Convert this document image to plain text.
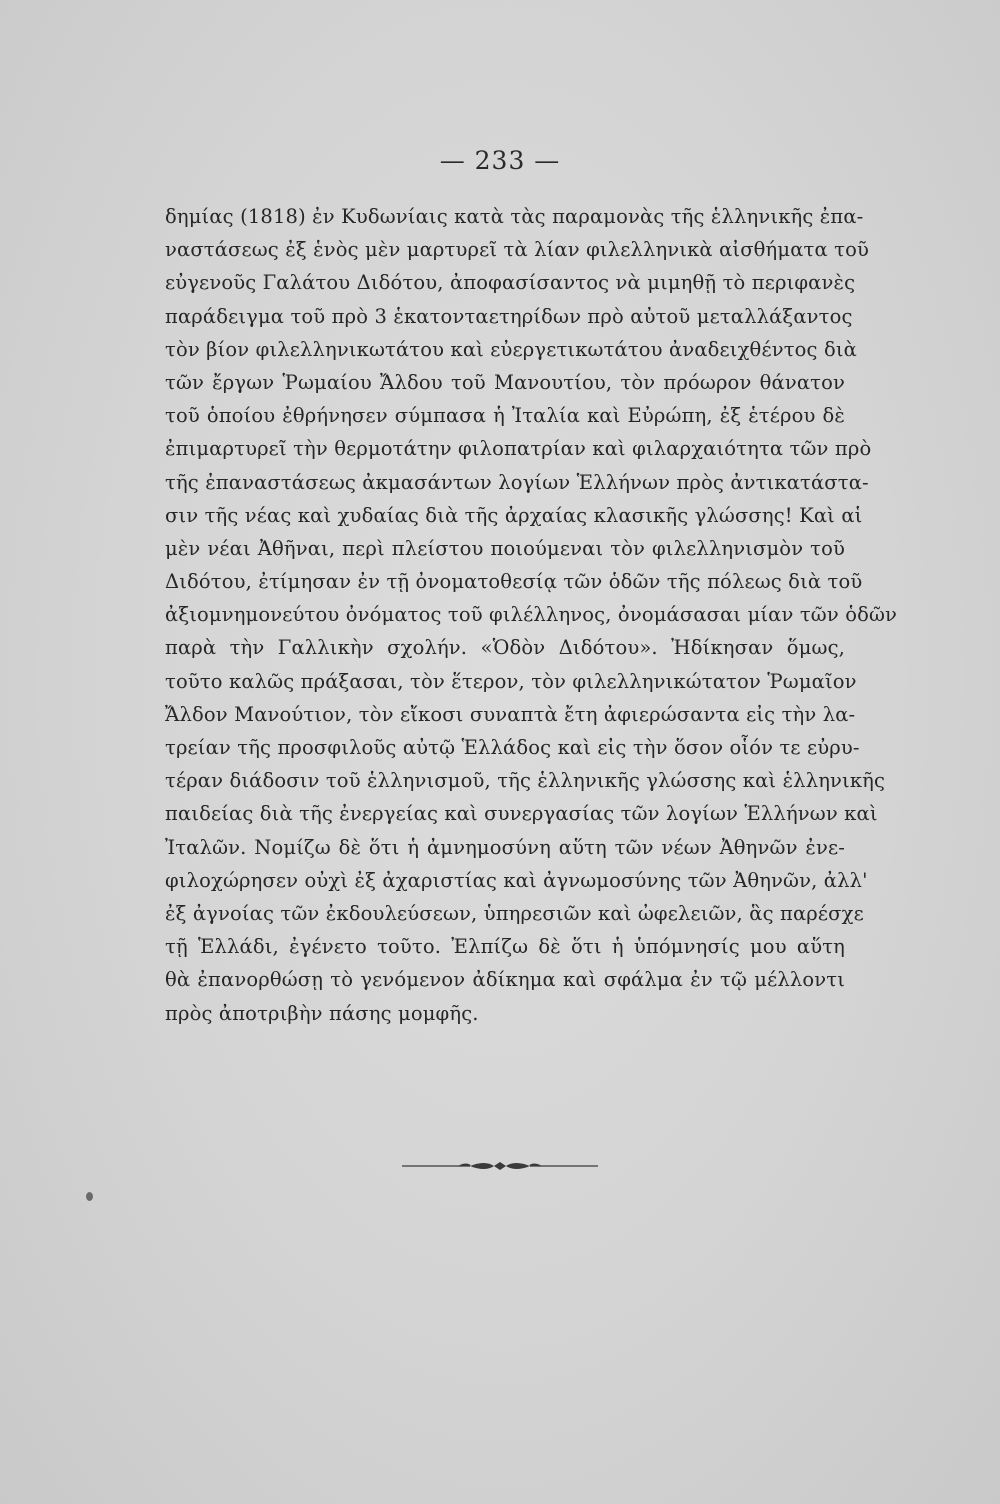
— 233 —
δημίας (1818) ἐν Κυδωνίαις κατὰ τὰς παραμονὰς τῆς ἑλληνικῆς ἐπα-
ναστάσεως ἐξ ἑνὸς μὲν μαρτυρεῖ τὰ λίαν φιλελληνικὰ αἰσθήματα τοῦ
εὐγενοῦς Γαλάτου Διδότου, ἀποφασίσαντος νὰ μιμηθῇ τὸ περιφανὲς
παράδειγμα τοῦ πρὸ 3 ἑκατονταετηρίδων πρὸ αὐτοῦ μεταλλάξαντος
τὸν βίον φιλελληνικωτάτου καὶ εὐεργετικωτάτου ἀναδειχθέντος διὰ
τῶν ἔργων Ῥωμαίου Ἄλδου τοῦ Μανουτίου, τὸν πρόωρον θάνατον
τοῦ ὁποίου ἐθρήνησεν σύμπασα ἡ Ἰταλία καὶ Εὐρώπη, ἐξ ἑτέρου δὲ
ἐπιμαρτυρεῖ τὴν θερμοτάτην φιλοπατρίαν καὶ φιλαρχαιότητα τῶν πρὸ
τῆς ἐπαναστάσεως ἀκμασάντων λογίων Ἑλλήνων πρὸς ἀντικατάστα-
σιν τῆς νέας καὶ χυδαίας διὰ τῆς ἀρχαίας κλασικῆς γλώσσης! Καὶ αἱ
μὲν νέαι Ἀθῆναι, περὶ πλείστου ποιούμεναι τὸν φιλελληνισμὸν τοῦ
Διδότου, ἐτίμησαν ἐν τῇ ὀνοματοθεσίᾳ τῶν ὁδῶν τῆς πόλεως διὰ τοῦ
ἀξιομνημονεύτου ὀνόματος τοῦ φιλέλληνος, ὀνομάσασαι μίαν τῶν ὁδῶν
παρὰ τὴν Γαλλικὴν σχολήν. «Ὁδὸν Διδότου». Ἠδίκησαν ὅμως,
τοῦτο καλῶς πράξασαι, τὸν ἕτερον, τὸν φιλελληνικώτατον Ῥωμαῖον
Ἄλδον Μανούτιον, τὸν εἴκοσι συναπτὰ ἔτη ἀφιερώσαντα εἰς τὴν λα-
τρείαν τῆς προσφιλοῦς αὐτῷ Ἑλλάδος καὶ εἰς τὴν ὅσον οἷόν τε εὐρυ-
τέραν διάδοσιν τοῦ ἑλληνισμοῦ, τῆς ἑλληνικῆς γλώσσης καὶ ἑλληνικῆς
παιδείας διὰ τῆς ἐνεργείας καὶ συνεργασίας τῶν λογίων Ἑλλήνων καὶ
Ἰταλῶν. Νομίζω δὲ ὅτι ἡ ἀμνημοσύνη αὕτη τῶν νέων Ἀθηνῶν ἐνε-
φιλοχώρησεν οὐχὶ ἐξ ἀχαριστίας καὶ ἀγνωμοσύνης τῶν Ἀθηνῶν, ἀλλ'
ἐξ ἀγνοίας τῶν ἐκδουλεύσεων, ὑπηρεσιῶν καὶ ὠφελειῶν, ἃς παρέσχε
τῇ Ἑλλάδι, ἐγένετο τοῦτο. Ἐλπίζω δὲ ὅτι ἡ ὑπόμνησίς μου αὕτη
θὰ ἐπανορθώσῃ τὸ γενόμενον ἀδίκημα καὶ σφάλμα ἐν τῷ μέλλοντι
πρὸς ἀποτριβὴν πάσης μομφῆς.
